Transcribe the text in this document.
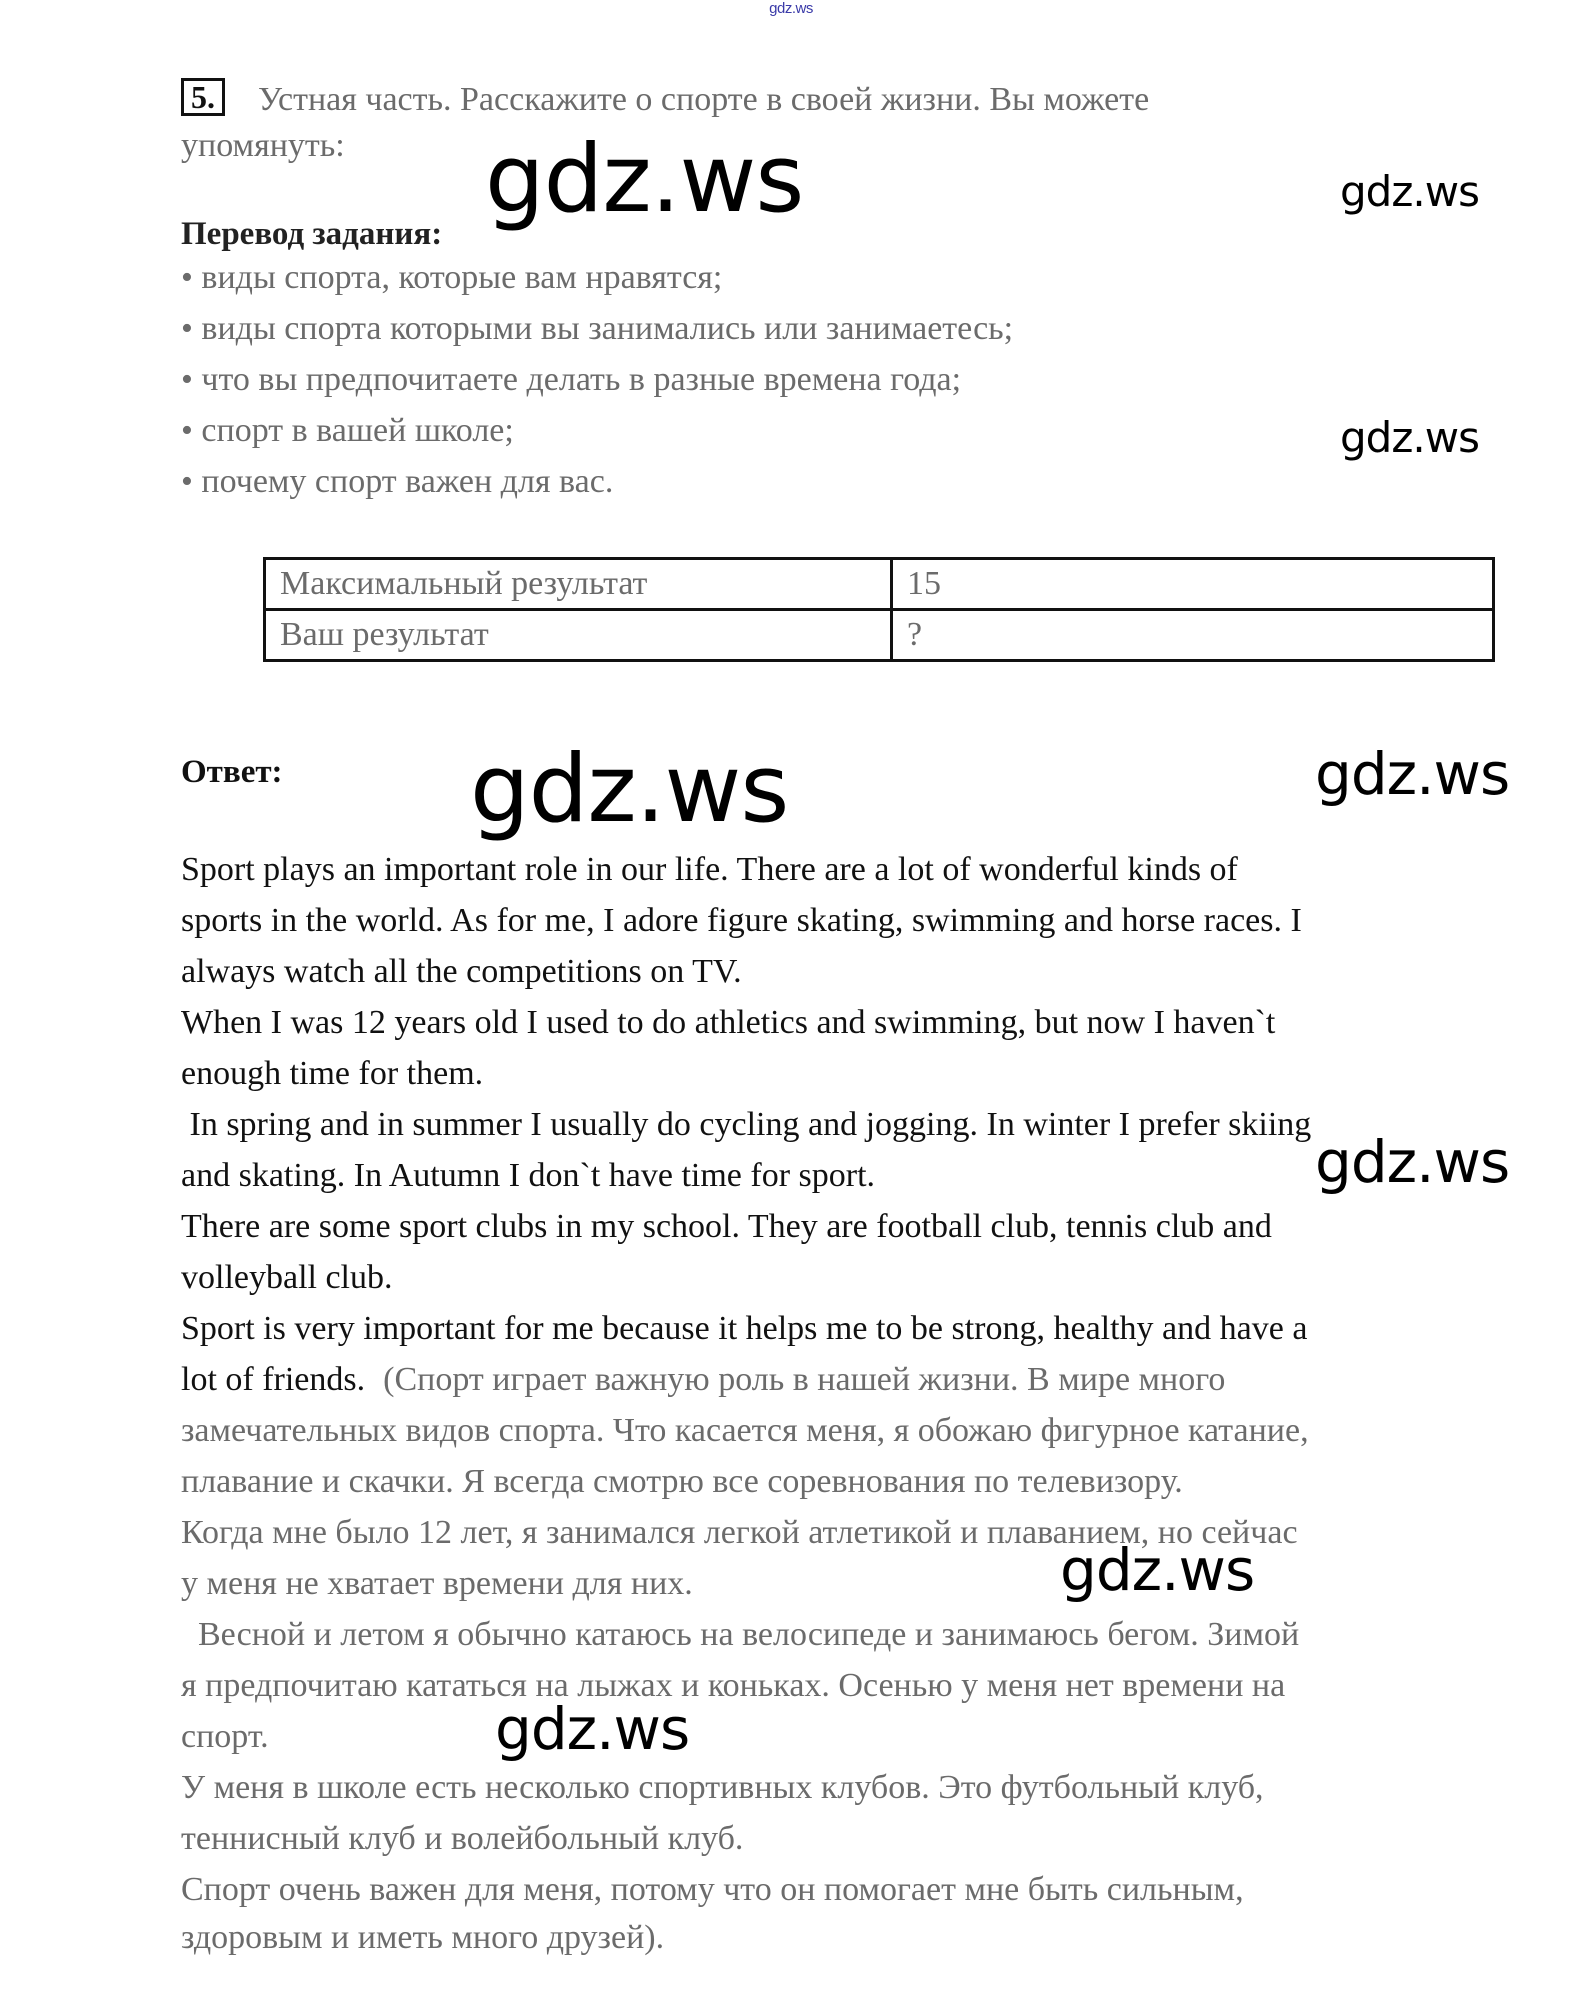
gdz.ws
5. Устная часть. Расскажите о спорте в своей жизни. Вы можете
упомянуть: gdz.ws	gdz.ws
gdz.ws
Перевод задания:
• виды спорта, которые вам нравятся;
• виды спорта которыми вы занимались или занимаетесь;
• что вы предпочитаете делать в разные времена года;
• спорт в вашей школе;
• почему спорт важен для вас.
Максимальный результат	15
Ваш результат	?
Ответ: gdz.ws	gdz.ws
Sport plays an important role in our life. There are a lot of wonderful kinds of
sports in the world. As for me, I adore figure skating, swimming and horse races. I
always watch all the competitions on TV.
When I was 12 years old I used to do athletics and swimming, but now I haven`t
enough time for them.
In spring and in summer I usually do cycling and jogging. In winter I prefer skiing
and skating. In Autumn I don`t have time for sport.
There are some sport clubs in my school. They are football club, tennis club and
volleyball club.
Sport is very important for me because it helps me to be strong, healthy and have a
gdz.ws
lot of friends. (Спорт играет важную роль в нашей жизни. В мире много
замечательных видов спорта. Что касается меня, я обожаю фигурное катание,
плавание и скачки. Я всегда смотрю все соревнования по телевизору.
Когда мне было 12 лет, я занимался легкой атлетикой и плаванием, но сейчас
у меня не хватает времени для них.
Весной и летом я обычно катаюсь на велосипеде и занимаюсь бегом. Зимой
я предпочитаю кататься на лыжах и коньках. Осенью у меня нет времени на
спорт.
У меня в школе есть несколько спортивных клубов. Это футбольный клуб,
теннисный клуб и волейбольный клуб.
Спорт очень важен для меня, потому что он помогает мне быть сильным,
здоровым и иметь много друзей).
gdz.ws
gdz.ws
